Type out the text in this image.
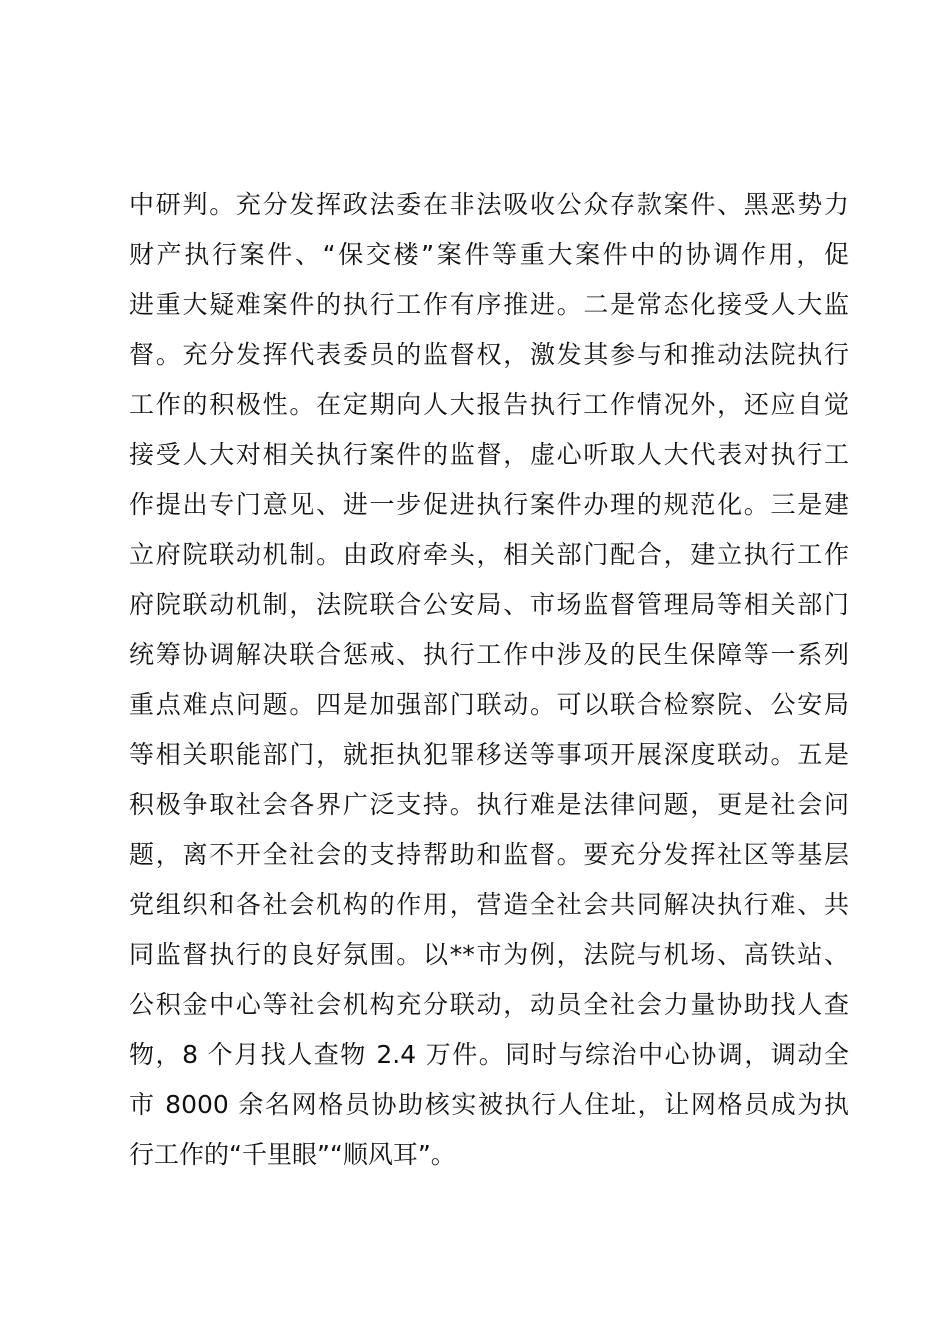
中研判。充分发挥政法委在非法吸收公众存款案件、黑恶势力
财产执行案件、“保交楼”案件等重大案件中的协调作用，促
进重大疑难案件的执行工作有序推进。二是常态化接受人大监
督。充分发挥代表委员的监督权，激发其参与和推动法院执行
工作的积极性。在定期向人大报告执行工作情况外，还应自觉
接受人大对相关执行案件的监督，虚心听取人大代表对执行工
作提出专门意见、进一步促进执行案件办理的规范化。三是建
立府院联动机制。由政府牵头，相关部门配合，建立执行工作
府院联动机制，法院联合公安局、市场监督管理局等相关部门
统筹协调解决联合惩戒、执行工作中涉及的民生保障等一系列
重点难点问题。四是加强部门联动。可以联合检察院、公安局
等相关职能部门，就拒执犯罪移送等事项开展深度联动。五是
积极争取社会各界广泛支持。执行难是法律问题，更是社会问
题，离不开全社会的支持帮助和监督。要充分发挥社区等基层
党组织和各社会机构的作用，营造全社会共同解决执行难、共
同监督执行的良好氛围。以**市为例，法院与机场、高铁站、
公积金中心等社会机构充分联动，动员全社会力量协助找人查
物，8 个月找人查物 2.4 万件。同时与综治中心协调，调动全
市 8000 余名网格员协助核实被执行人住址，让网格员成为执
行工作的“千里眼”“顺风耳”。
